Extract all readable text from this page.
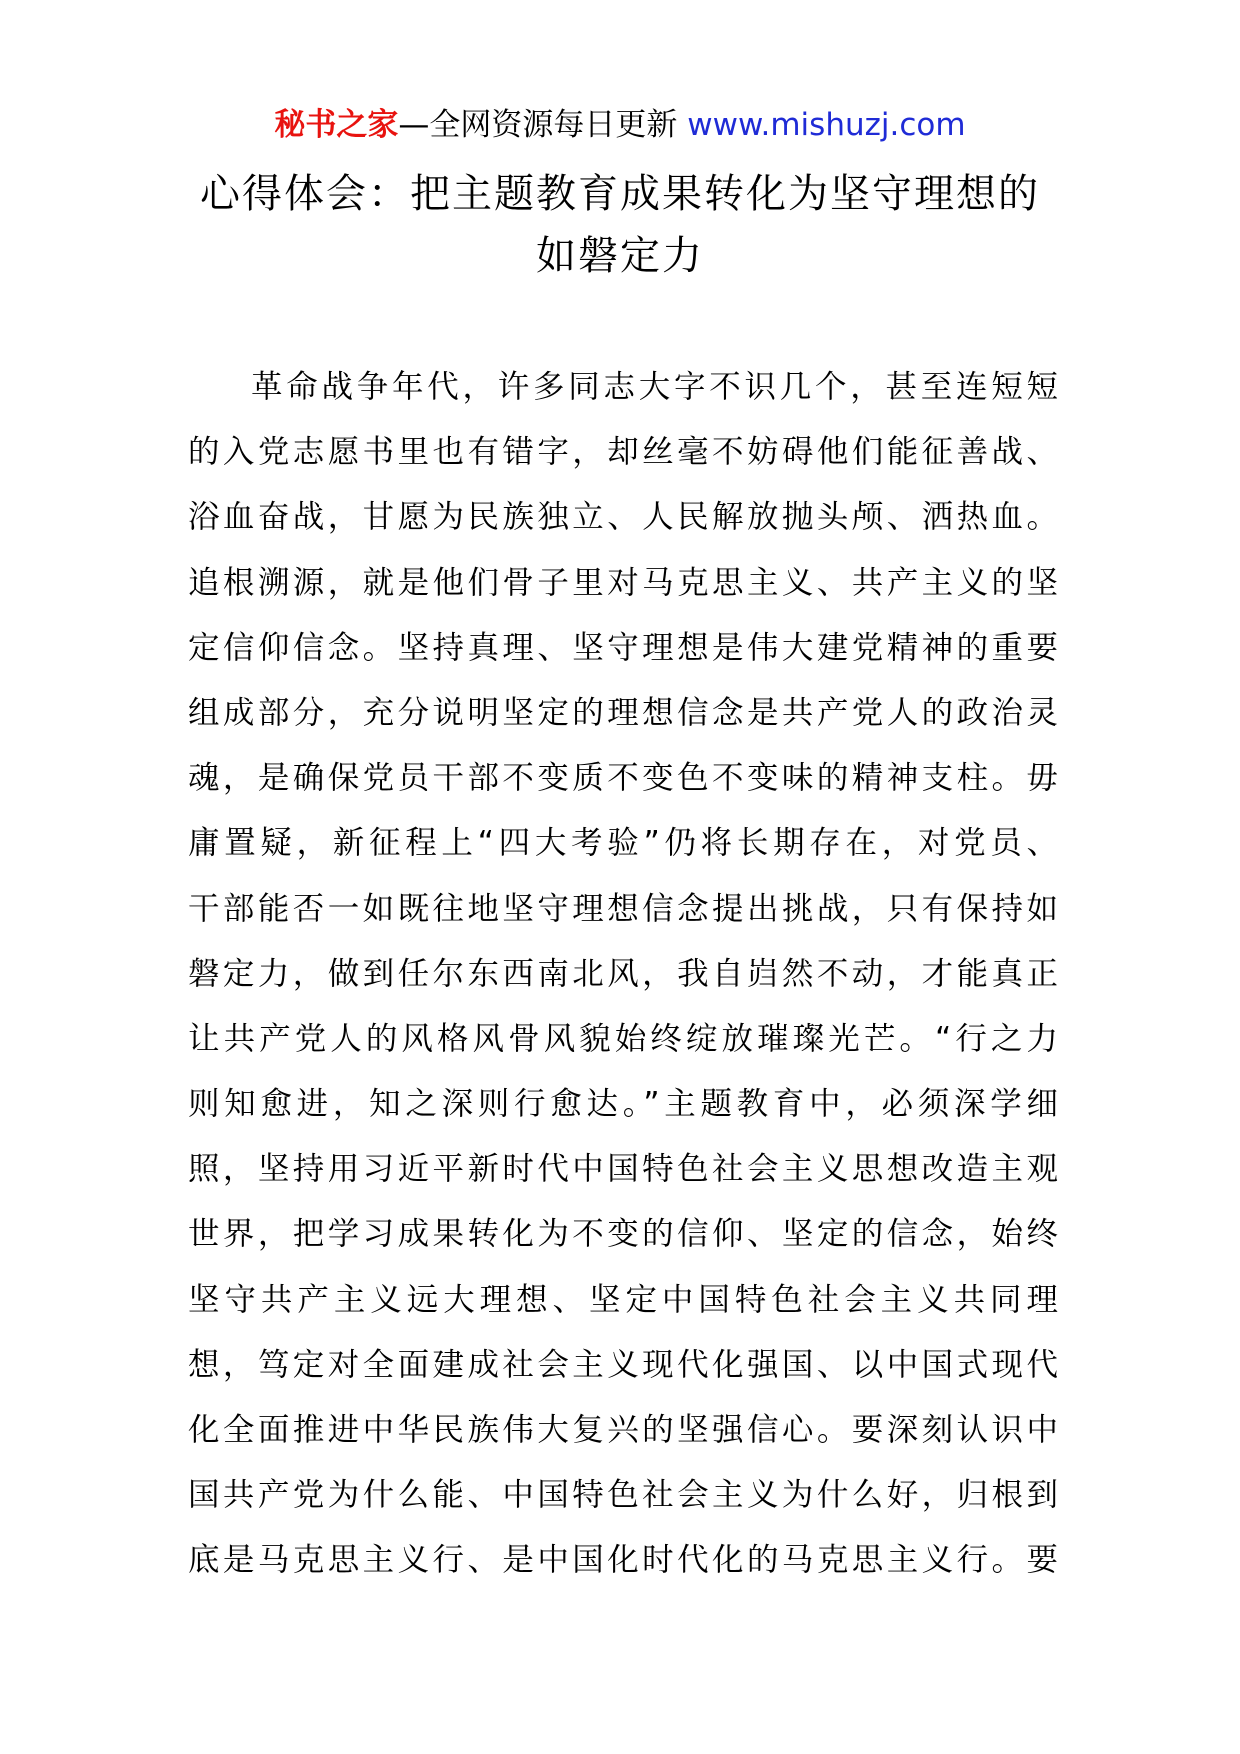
秘书之家—全网资源每日更新 www.mishuzj.com
心得体会：把主题教育成果转化为坚守理想的
如磐定力
革命战争年代，许多同志大字不识几个，甚至连短短
的入党志愿书里也有错字，却丝毫不妨碍他们能征善战、
浴血奋战，甘愿为民族独立、人民解放抛头颅、洒热血。
追根溯源，就是他们骨子里对马克思主义、共产主义的坚
定信仰信念。坚持真理、坚守理想是伟大建党精神的重要
组成部分，充分说明坚定的理想信念是共产党人的政治灵
魂，是确保党员干部不变质不变色不变味的精神支柱。毋
庸置疑，新征程上“四大考验”仍将长期存在，对党员、
干部能否一如既往地坚守理想信念提出挑战，只有保持如
磐定力，做到任尔东西南北风，我自岿然不动，才能真正
让共产党人的风格风骨风貌始终绽放璀璨光芒。“行之力
则知愈进，知之深则行愈达。”主题教育中，必须深学细
照，坚持用习近平新时代中国特色社会主义思想改造主观
世界，把学习成果转化为不变的信仰、坚定的信念，始终
坚守共产主义远大理想、坚定中国特色社会主义共同理
想，笃定对全面建成社会主义现代化强国、以中国式现代
化全面推进中华民族伟大复兴的坚强信心。要深刻认识中
国共产党为什么能、中国特色社会主义为什么好，归根到
底是马克思主义行、是中国化时代化的马克思主义行。要
